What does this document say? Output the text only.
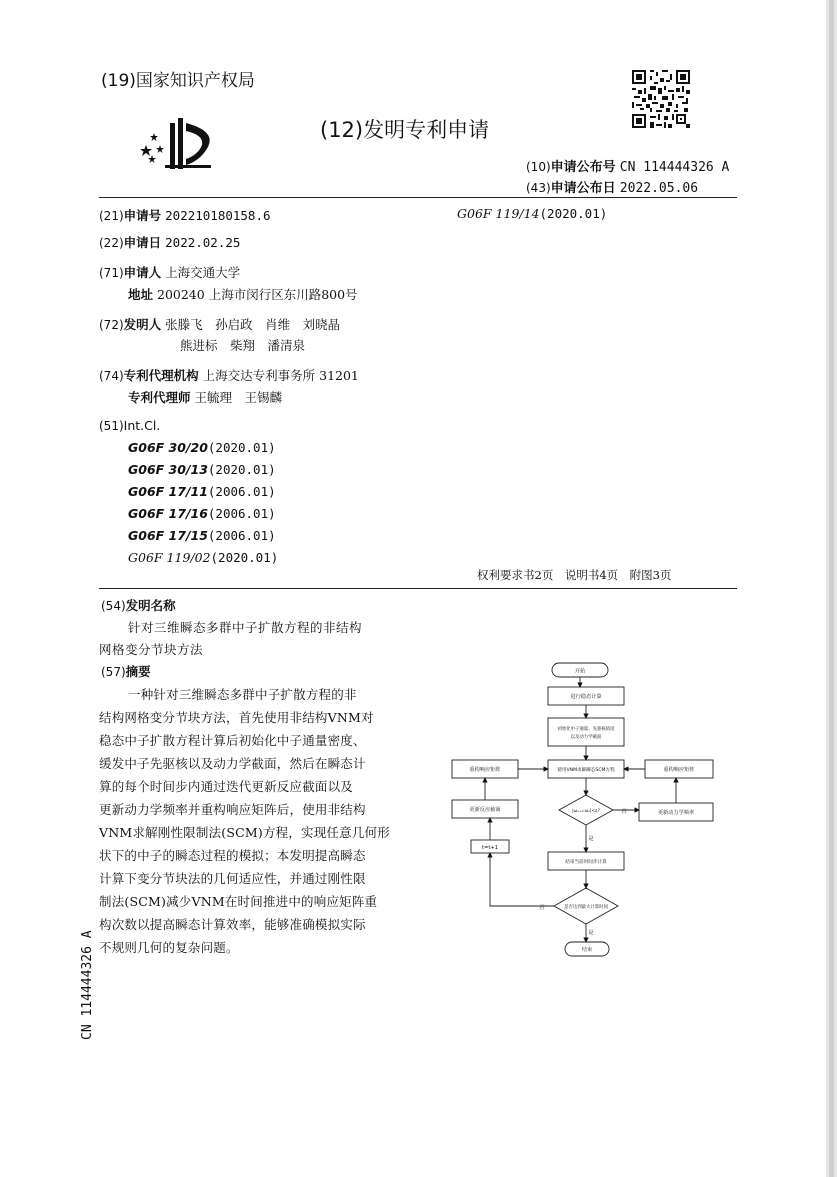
(19)国家知识产权局
(12)发明专利申请
(10)申请公布号 CN 114444326 A
(43)申请公布日 2022.05.06
(21)申请号 202210180158.6	G06F 119/14(2020.01)
(22)申请日 2022.02.25
(71)申请人 上海交通大学
地址 200240 上海市闵行区东川路800号
(72)发明人 张滕飞　孙启政　肖维　刘晓晶
熊进标　柴翔　潘清泉
(74)专利代理机构 上海交达专利事务所 31201
专利代理师 王毓理　王锡麟
(51)Int.Cl.
G06F 30/20(2020.01)
G06F 30/13(2020.01)
G06F 17/11(2006.01)
G06F 17/16(2006.01)
G06F 17/15(2006.01)
G06F 119/02(2020.01)
权利要求书2页　说明书4页　附图3页
(54)发明名称
针对三维瞬态多群中子扩散方程的非结构
网格变分节块方法
(57)摘要
一种针对三维瞬态多群中子扩散方程的非
结构网格变分节块方法，首先使用非结构VNM对
稳态中子扩散方程计算后初始化中子通量密度、
缓发中子先驱核以及动力学截面，然后在瞬态计
算的每个时间步内通过迭代更新反应截面以及
更新动力学频率并重构响应矩阵后，使用非结构
VNM求解刚性限制法(SCM)方程，实现任意几何形
状下的中子的瞬态过程的模拟；本发明提高瞬态
计算下变分节块法的几何适应性，并通过刚性限
制法(SCM)减少VNM在时间推进中的响应矩阵重
构次数以提高瞬态计算效率，能够准确模拟实际
不规则几何的复杂问题。
开始
进行稳态计算
初始化中子通量、先驱核浓度
以及动力学截面
使用VNM求解瞬态SCM方程
重构响应矩阵	重构响应矩阵
更新反应截面	|ωₙ₊₁-ωₙ|<ε?	更新动力学频率
否
是
t=t+1
结束当前时间步计算
是否达到最大计算时间
否
是
结束
CN 114444326 A
